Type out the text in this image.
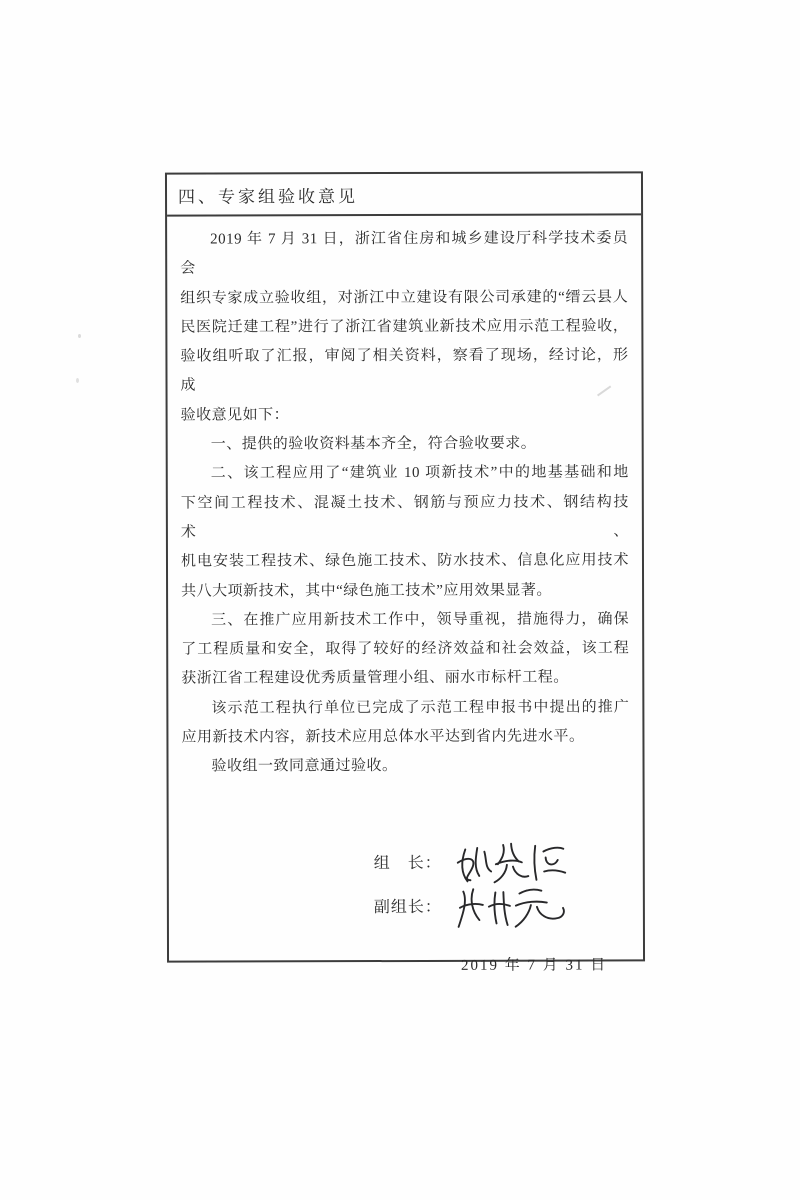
四、专家组验收意见
2019 年 7 月 31 日，浙江省住房和城乡建设厅科学技术委员会
组织专家成立验收组，对浙江中立建设有限公司承建的“缙云县人
民医院迁建工程”进行了浙江省建筑业新技术应用示范工程验收，
验收组听取了汇报，审阅了相关资料，察看了现场，经讨论，形成
验收意见如下：
一、提供的验收资料基本齐全，符合验收要求。
二、该工程应用了“建筑业 10 项新技术”中的地基基础和地
下空间工程技术、混凝土技术、钢筋与预应力技术、钢结构技术、
机电安装工程技术、绿色施工技术、防水技术、信息化应用技术
共八大项新技术，其中“绿色施工技术”应用效果显著。
三、在推广应用新技术工作中，领导重视，措施得力，确保
了工程质量和安全，取得了较好的经济效益和社会效益，该工程
获浙江省工程建设优秀质量管理小组、丽水市标杆工程。
该示范工程执行单位已完成了示范工程申报书中提出的推广
应用新技术内容，新技术应用总体水平达到省内先进水平。
验收组一致同意通过验收。
组　长：
副组长：
2019 年 7 月 31 日
